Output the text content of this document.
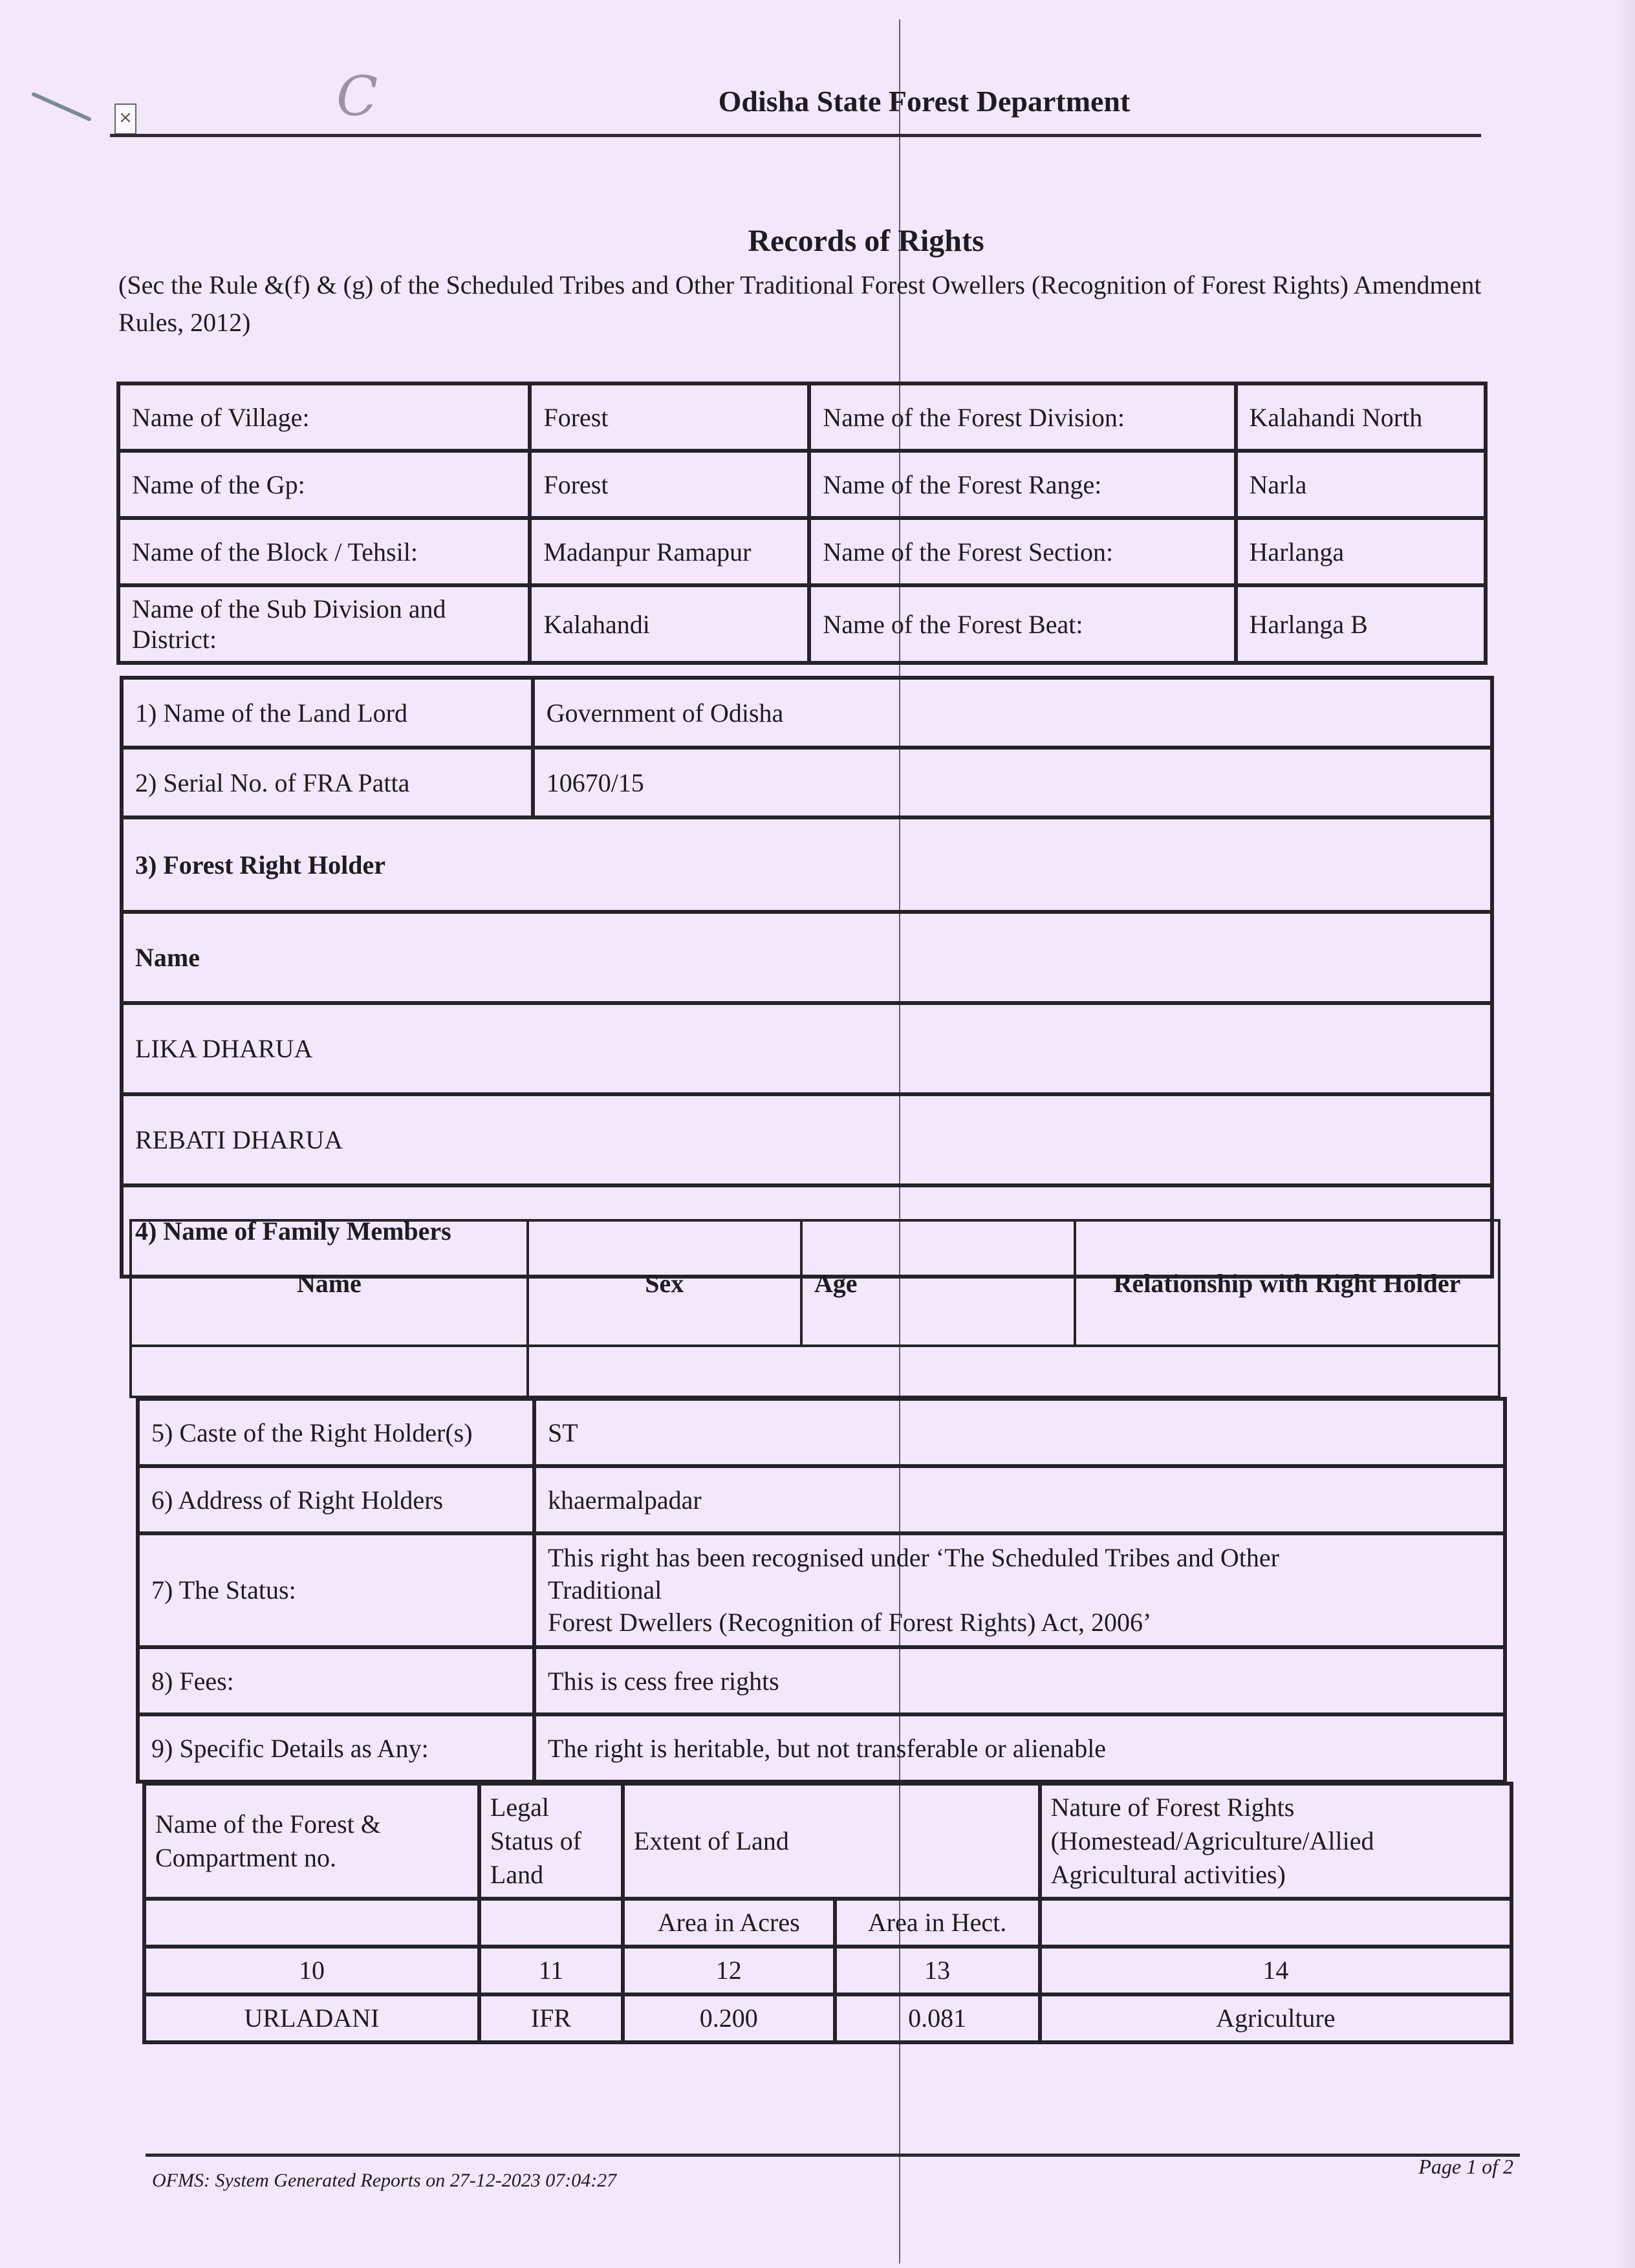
×	C	Odisha State Forest Department
Records of Rights
(Sec the Rule &(f) & (g) of the Scheduled Tribes and Other Traditional Forest Owellers (Recognition of Forest Rights) Amendment Rules, 2012)
Name of Village:	Forest	Name of the Forest Division:	Kalahandi North
Name of the Gp:	Forest	Name of the Forest Range:	Narla
Name of the Block / Tehsil:	Madanpur Ramapur	Name of the Forest Section:	Harlanga
Name of the Sub Division and District:	Kalahandi	Name of the Forest Beat:	Harlanga B
1) Name of the Land Lord	Government of Odisha
2) Serial No. of FRA Patta	10670/15
3) Forest Right Holder	
Name	
LIKA DHARUA	
REBATI DHARUA	
4) Name of Family Members	
Name	Sex	Age	Relationship with Right Holder

5) Caste of the Right Holder(s)	ST
6) Address of Right Holders	khaermalpadar
7) The Status:	This right has been recognised under ‘The Scheduled Tribes and Other
Traditional
Forest Dwellers (Recognition of Forest Rights) Act, 2006’

8) Fees:	This is cess free rights
9) Specific Details as Any:	The right is heritable, but not transferable or alienable
Name of the Forest & Compartment no.	Legal Status of Land	Extent of Land		Nature of Forest Rights (Homestead/Agriculture/Allied Agricultural activities)
		Area in Acres	Area in Hect.	
10	11	12	13	14
URLADANI	IFR	0.200	0.081	Agriculture
OFMS: System Generated Reports on 27-12-2023 07:04:27
Page 1 of 2
